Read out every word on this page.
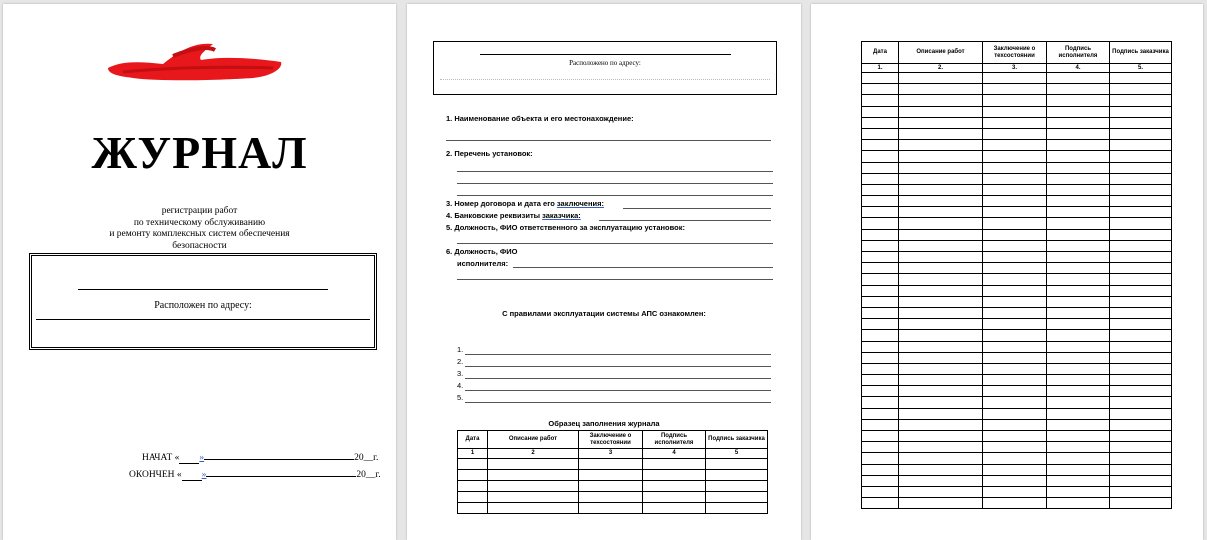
ЖУРНАЛ
регистрации работ
по техническому обслуживанию
и ремонту комплексных систем обеспечения
безопасности
Расположен по адресу:
НАЧАТ « »	20__г.
ОКОНЧЕН « »	20__г.
Расположено по адресу:
1. Наименование объекта и его местонахождение:
2. Перечень установок:
3. Номер договора и дата его заключения:
4. Банковские реквизиты заказчика:
5. Должность, ФИО ответственного за эксплуатацию установок:
6. Должность, ФИО
исполнителя:
С правилами эксплуатации системы АПС ознакомлен:
1.
2.
3.
4.
5.
Образец заполнения журнала
Дата	Описание работ	Заключение о техсостоянии	Подпись исполнителя	Подпись заказчика
1	2	3	4	5

Дата	Описание работ	Заключение о техсостоянии	Подпись исполнителя	Подпись заказчика
1.	2.	3.	4.	5.
